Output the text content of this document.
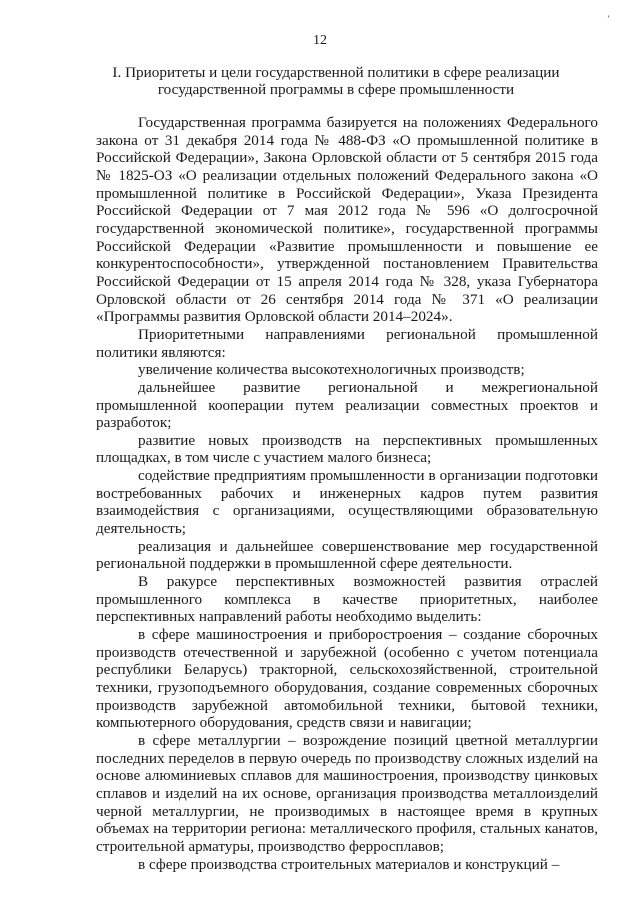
’
12
I. Приоритеты и цели государственной политики в сфере реализации государственной программы в сфере промышленности

Государственная программа базируется на положениях Федерального закона от 31 декабря 2014 года № 488-ФЗ «О промышленной политике в Российской Федерации», Закона Орловской области от 5 сентября 2015 года № 1825-ОЗ «О реализации отдельных положений Федерального закона «О промышленной политике в Российской Федерации», Указа Президента Российской Федерации от 7 мая 2012 года № 596 «О долгосрочной государственной экономической политике», государственной программы Российской Федерации «Развитие промышленности и повышение ее конкурентоспособности», утвержденной постановлением Правительства Российской Федерации от 15 апреля 2014 года № 328, указа Губернатора Орловской области от 26 сентября 2014 года № 371 «О реализации «Программы развития Орловской области 2014–2024».

Приоритетными направлениями региональной промышленной политики являются:

увеличение количества высокотехнологичных производств;

дальнейшее развитие региональной и межрегиональной промышленной кооперации путем реализации совместных проектов и разработок;

развитие новых производств на перспективных промышленных площадках, в том числе с участием малого бизнеса;

содействие предприятиям промышленности в организации подготовки востребованных рабочих и инженерных кадров путем развития взаимодействия с организациями, осуществляющими образовательную деятельность;

реализация и дальнейшее совершенствование мер государственной региональной поддержки в промышленной сфере деятельности.

В ракурсе перспективных возможностей развития отраслей промышленного комплекса в качестве приоритетных, наиболее перспективных направлений работы необходимо выделить:

в сфере машиностроения и приборостроения – создание сборочных производств отечественной и зарубежной (особенно с учетом потенциала республики Беларусь) тракторной, сельскохозяйственной, строительной техники, грузоподъемного оборудования, создание современных сборочных производств зарубежной автомобильной техники, бытовой техники, компьютерного оборудования, средств связи и навигации;

в сфере металлургии – возрождение позиций цветной металлургии последних переделов в первую очередь по производству сложных изделий на основе алюминиевых сплавов для машиностроения, производству цинковых сплавов и изделий на их основе, организация производства металлоизделий черной металлургии, не производимых в настоящее время в крупных объемах на территории региона: металлического профиля, стальных канатов, строительной арматуры, производство ферросплавов;

в сфере производства строительных материалов и конструкций –
